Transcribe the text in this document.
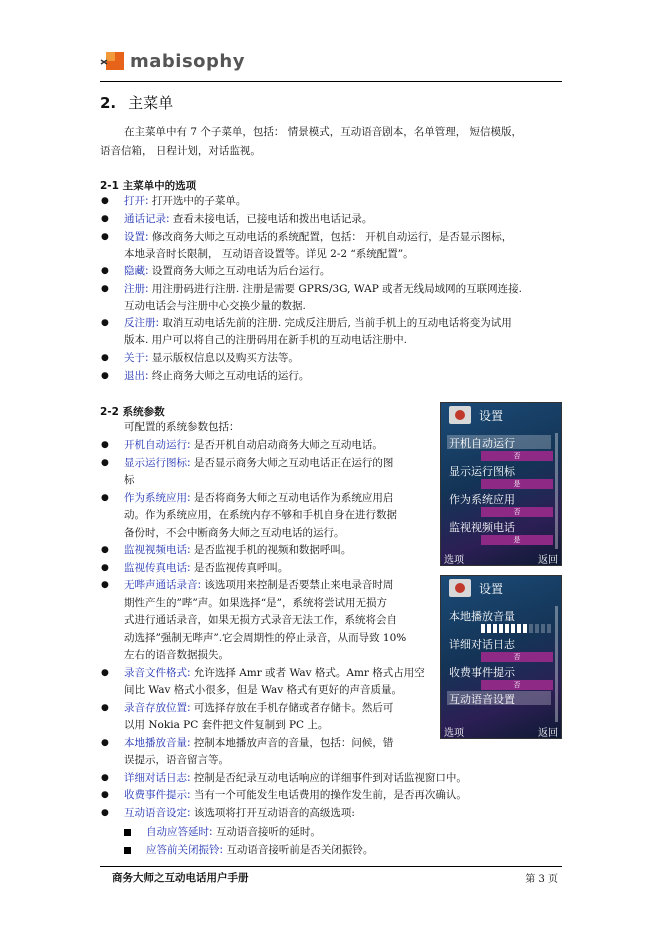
mabisophy
2. 主菜单
在主菜单中有 7 个子菜单，包括： 情景模式，互动语音剧本，名单管理， 短信模版，
语音信箱， 日程计划，对话监视。
2-1 主菜单中的选项
● 打开: 打开选中的子菜单。
● 通话记录: 查看未接电话，已接电话和拨出电话记录。
● 设置: 修改商务大师之互动电话的系统配置，包括： 开机自动运行，是否显示图标，
本地录音时长限制， 互动语音设置等。详见 2-2 “系统配置”。
● 隐藏: 设置商务大师之互动电话为后台运行。
● 注册: 用注册码进行注册. 注册是需要 GPRS/3G, WAP 或者无线局域网的互联网连接.
互动电话会与注册中心交换少量的数据.
● 反注册: 取消互动电话先前的注册. 完成反注册后, 当前手机上的互动电话将变为试用
版本. 用户可以将自己的注册码用在新手机的互动电话注册中.
● 关于: 显示版权信息以及购买方法等。
● 退出: 终止商务大师之互动电话的运行。
2-2 系统参数
可配置的系统参数包括：
● 开机自动运行: 是否开机自动启动商务大师之互动电话。
● 显示运行图标: 是否显示商务大师之互动电话正在运行的图
标
● 作为系统应用: 是否将商务大师之互动电话作为系统应用启
动。作为系统应用，在系统内存不够和手机自身在进行数据
备份时，不会中断商务大师之互动电话的运行。
● 监视视频电话: 是否监视手机的视频和数据呼叫。
● 监视传真电话: 是否监视传真呼叫。
● 无哔声通话录音: 该选项用来控制是否要禁止来电录音时周
期性产生的”哔”声。如果选择“是”，系统将尝试用无损方
式进行通话录音，如果无损方式录音无法工作，系统将会自
动选择”强制无哔声”.它会周期性的停止录音，从而导致 10%
左右的语音数据损失。
● 录音文件格式: 允许选择 Amr 或者 Wav 格式。Amr 格式占用空
间比 Wav 格式小很多，但是 Wav 格式有更好的声音质量。
● 录音存放位置: 可选择存放在手机存储或者存储卡。然后可
以用 Nokia PC 套件把文件复制到 PC 上。
● 本地播放音量: 控制本地播放声音的音量，包括：问候，错
误提示，语音留言等。
● 详细对话日志: 控制是否纪录互动电话响应的详细事件到对话监视窗口中。
● 收费事件提示: 当有一个可能发生电话费用的操作发生前，是否再次确认。
● 互动语音设定: 该选项将打开互动语音的高级选项:
自动应答延时: 互动语音接听的延时。
应答前关闭振铃: 互动语音接听前是否关闭振铃。
设置
开机自动运行
否
显示运行图标
是
作为系统应用
否
监视视频电话
是
选项	返回
设置
本地播放音量
详细对话日志
否
收费事件提示
否
互动语音设置
选项	返回
商务大师之互动电话用户手册	第 3 页
